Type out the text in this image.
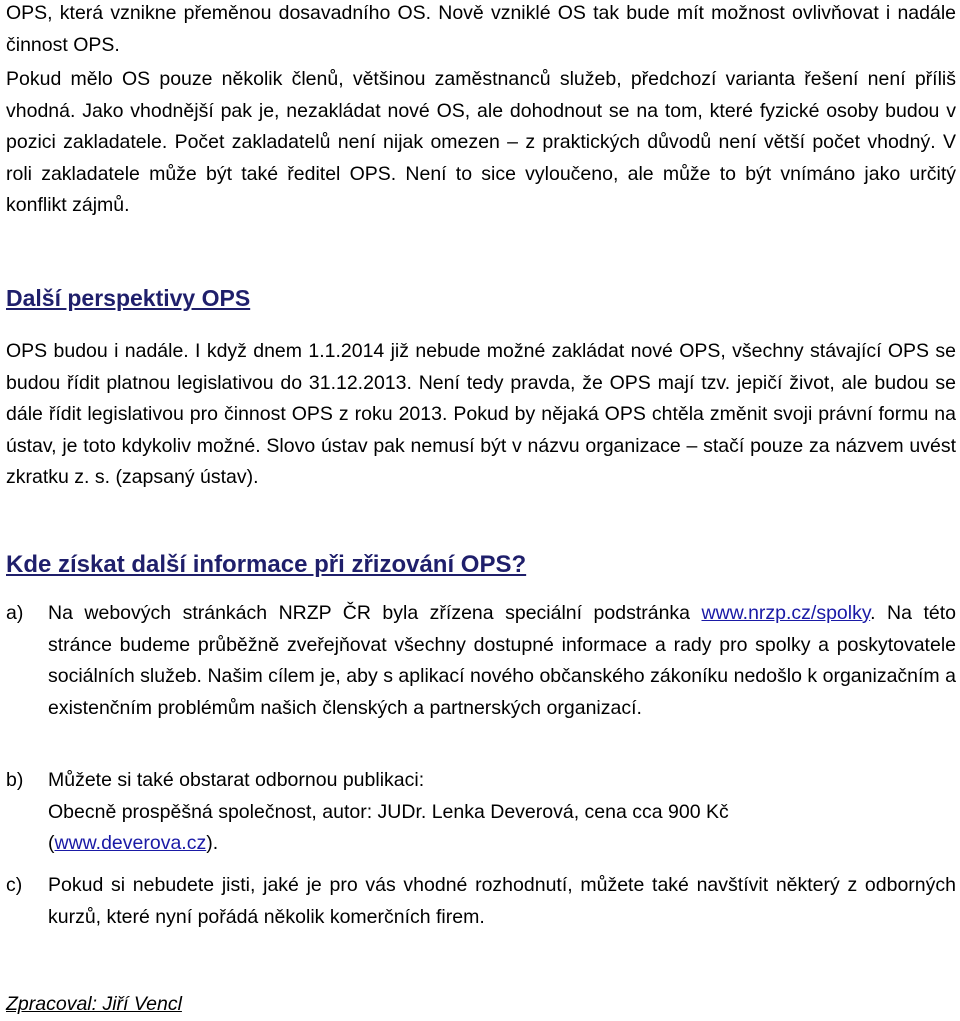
OPS, která vznikne přeměnou dosavadního OS. Nově vzniklé OS tak bude mít možnost ovlivňovat i nadále činnost OPS.

Pokud mělo OS pouze několik členů, většinou zaměstnanců služeb, předchozí varianta řešení není příliš vhodná. Jako vhodnější pak je, nezakládat nové OS, ale dohodnout se na tom, které fyzické osoby budou v pozici zakladatele. Počet zakladatelů není nijak omezen – z praktických důvodů není větší počet vhodný. V roli zakladatele může být také ředitel OPS. Není to sice vyloučeno, ale může to být vnímáno jako určitý konflikt zájmů.

Další perspektivy OPS

OPS budou i nadále. I když dnem 1.1.2014 již nebude možné zakládat nové OPS, všechny stávající OPS se budou řídit platnou legislativou do 31.12.2013. Není tedy pravda, že OPS mají tzv. jepičí život, ale budou se dále řídit legislativou pro činnost OPS z roku 2013. Pokud by nějaká OPS chtěla změnit svoji právní formu na ústav, je toto kdykoliv možné. Slovo ústav pak nemusí být v názvu organizace – stačí pouze za názvem uvést zkratku z. s. (zapsaný ústav).

Kde získat další informace při zřizování OPS?
a)	Na webových stránkách NRZP ČR byla zřízena speciální podstránka www.nrzp.cz/spolky. Na této stránce budeme průběžně zveřejňovat všechny dostupné informace a rady pro spolky a poskytovatele sociálních služeb. Našim cílem je, aby s aplikací nového občanského zákoníku nedošlo k organizačním a existenčním problémům našich členských a partnerských organizací.
b)	Můžete si také obstarat odbornou publikaci:
Obecně prospěšná společnost, autor: JUDr. Lenka Deverová, cena cca 900 Kč
(www.deverova.cz).
c)	Pokud si nebudete jisti, jaké je pro vás vhodné rozhodnutí, můžete také navštívit některý z odborných kurzů, které nyní pořádá několik komerčních firem.

Zpracoval: Jiří Vencl
